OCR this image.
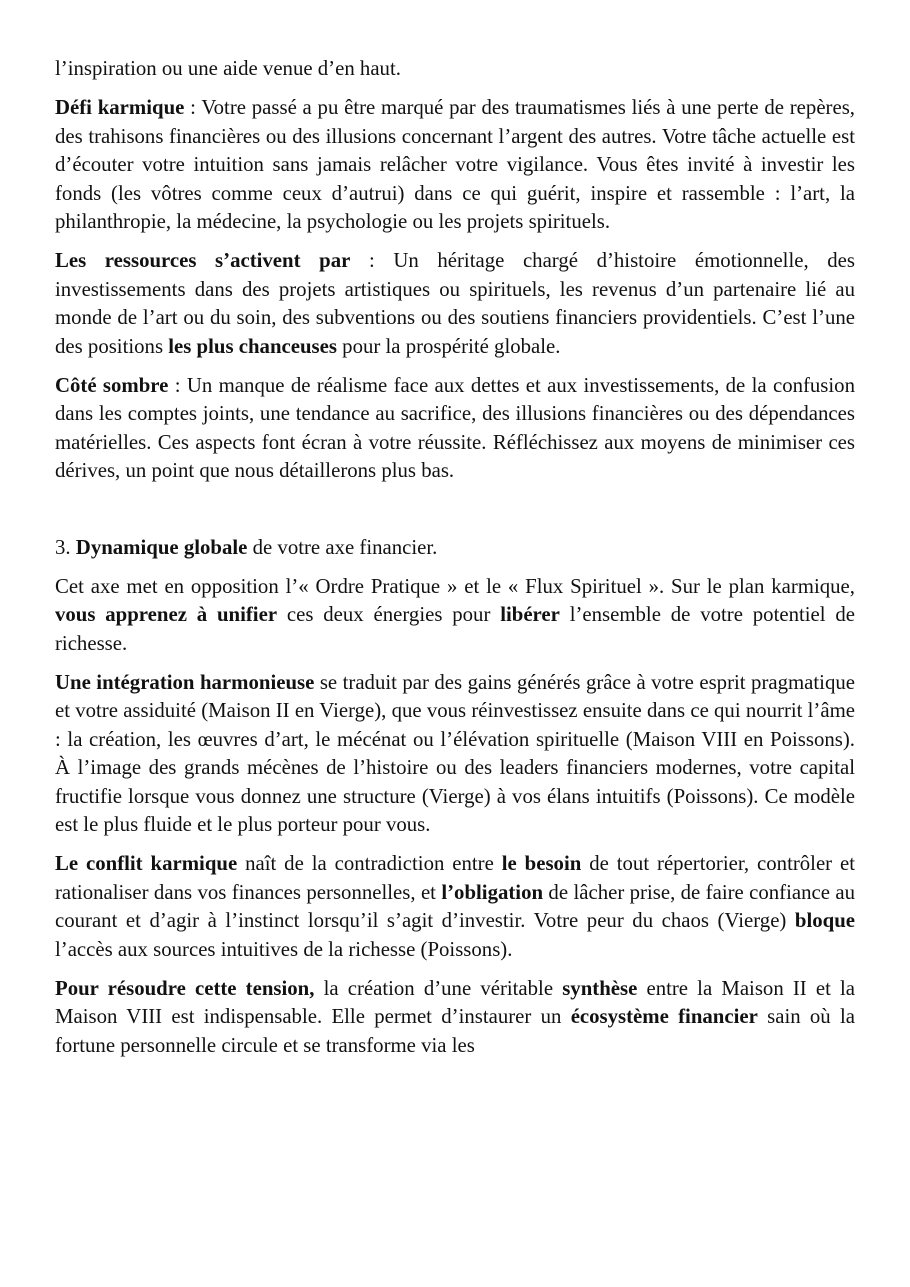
l’inspiration ou une aide venue d’en haut.

Défi karmique : Votre passé a pu être marqué par des traumatismes liés à une perte de repères, des trahisons financières ou des illusions concernant l’argent des autres. Votre tâche actuelle est d’écouter votre intuition sans jamais relâcher votre vigilance. Vous êtes invité à investir les fonds (les vôtres comme ceux d’autrui) dans ce qui guérit, inspire et rassemble : l’art, la philanthropie, la médecine, la psychologie ou les projets spirituels.

Les ressources s’activent par : Un héritage chargé d’histoire émotionnelle, des investissements dans des projets artistiques ou spirituels, les revenus d’un partenaire lié au monde de l’art ou du soin, des subventions ou des soutiens financiers providentiels. C’est l’une des positions les plus chanceuses pour la prospérité globale.

Côté sombre : Un manque de réalisme face aux dettes et aux investissements, de la confusion dans les comptes joints, une tendance au sacrifice, des illusions financières ou des dépendances matérielles. Ces aspects font écran à votre réussite. Réfléchissez aux moyens de minimiser ces dérives, un point que nous détaillerons plus bas.

3. Dynamique globale de votre axe financier.

Cet axe met en opposition l’« Ordre Pratique » et le « Flux Spirituel ». Sur le plan karmique, vous apprenez à unifier ces deux énergies pour libérer l’ensemble de votre potentiel de richesse.

Une intégration harmonieuse se traduit par des gains générés grâce à votre esprit pragmatique et votre assiduité (Maison II en Vierge), que vous réinvestissez ensuite dans ce qui nourrit l’âme : la création, les œuvres d’art, le mécénat ou l’élévation spirituelle (Maison VIII en Poissons). À l’image des grands mécènes de l’histoire ou des leaders financiers modernes, votre capital fructifie lorsque vous donnez une structure (Vierge) à vos élans intuitifs (Poissons). Ce modèle est le plus fluide et le plus porteur pour vous.

Le conflit karmique naît de la contradiction entre le besoin de tout répertorier, contrôler et rationaliser dans vos finances personnelles, et l’obligation de lâcher prise, de faire confiance au courant et d’agir à l’instinct lorsqu’il s’agit d’investir. Votre peur du chaos (Vierge) bloque l’accès aux sources intuitives de la richesse (Poissons).

Pour résoudre cette tension, la création d’une véritable synthèse entre la Maison II et la Maison VIII est indispensable. Elle permet d’instaurer un écosystème financier sain où la fortune personnelle circule et se transforme via les
